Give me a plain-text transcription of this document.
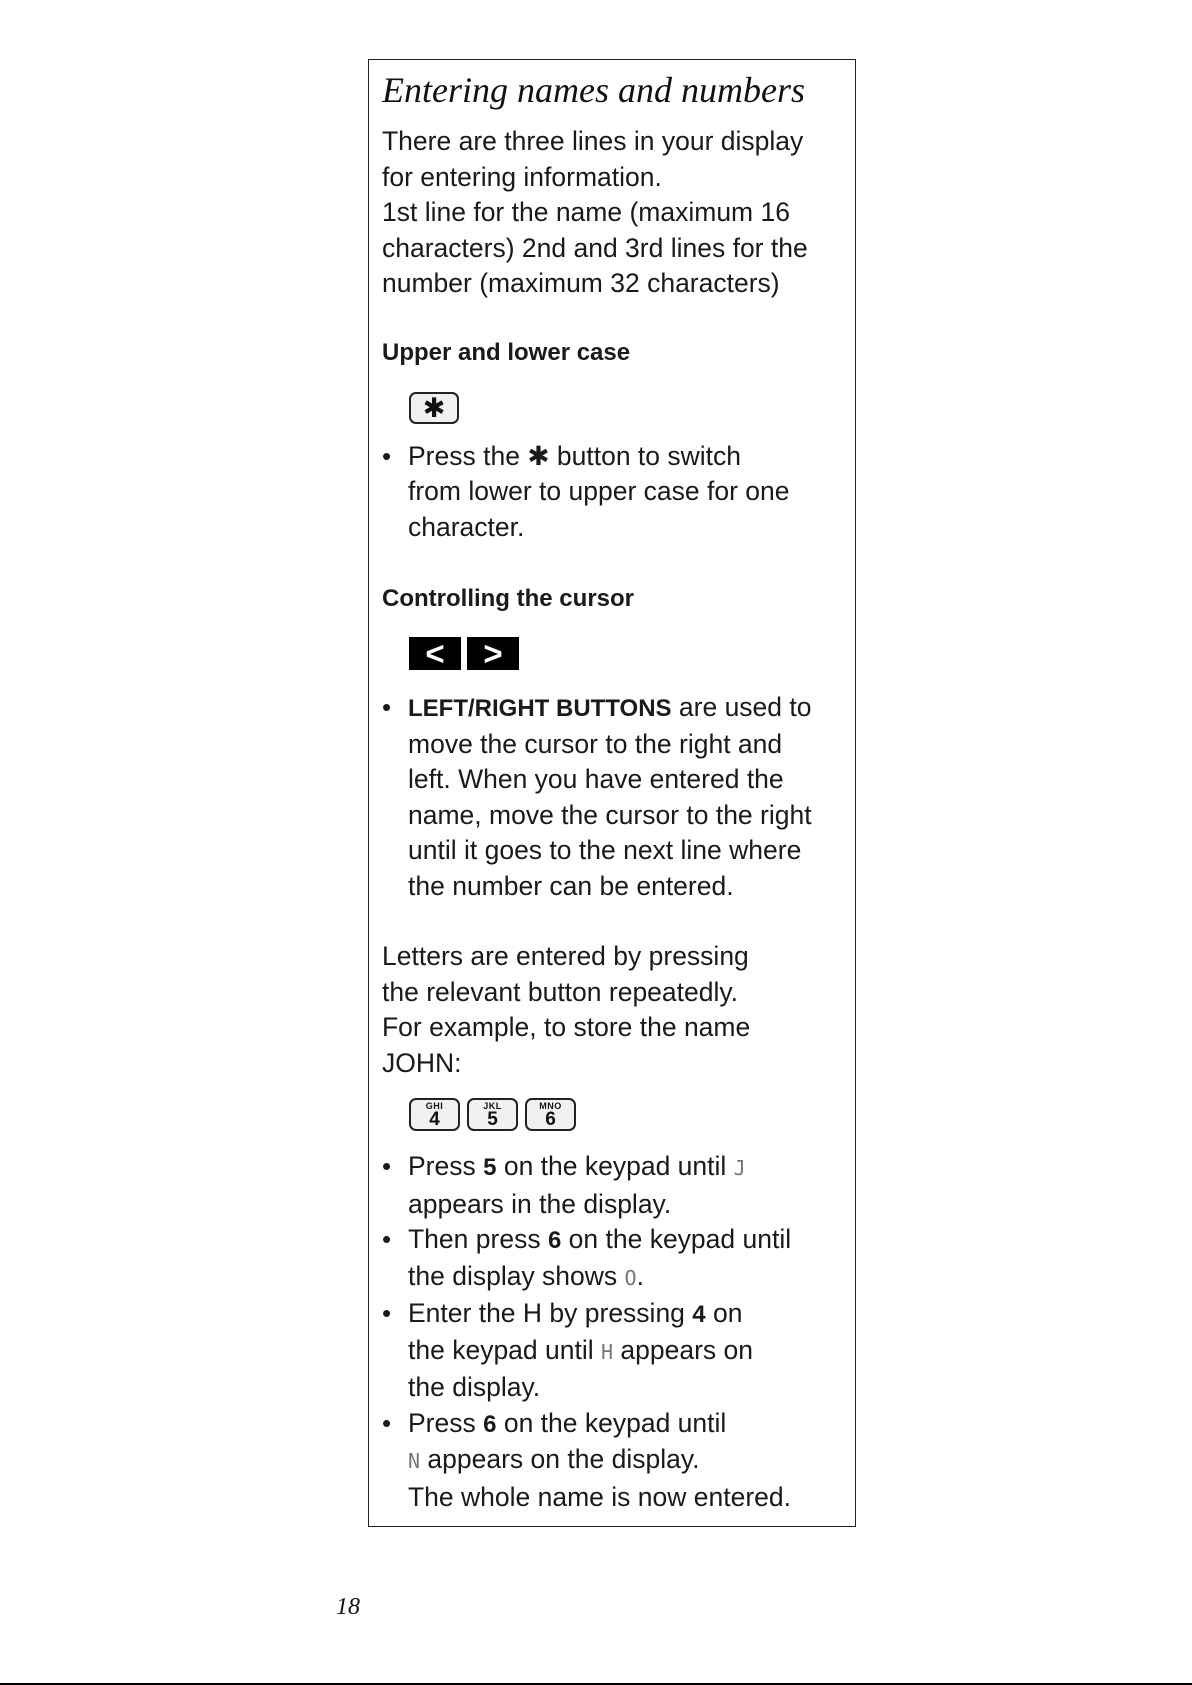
Entering names and numbers

There are three lines in your display
for entering information.
1st line for the name (maximum 16
characters) 2nd and 3rd lines for the
number (maximum 32 characters)

Upper and lower case
✱
• Press the ✱ button to switch
from lower to upper case for one
character.
Controlling the cursor
<	>
• LEFT/RIGHT BUTTONS are used to
move the cursor to the right and
left. When you have entered the
name, move the cursor to the right
until it goes to the next line where
the number can be entered.

Letters are entered by pressing
the relevant button repeatedly.
For example, to store the name
JOHN:

GHI
4
JKL
5
MNO
6
• Press 5 on the keypad until J
appears in the display.
• Then press 6 on the keypad until
the display shows O.
• Enter the H by pressing 4 on
the keypad until H appears on
the display.
• Press 6 on the keypad until
N appears on the display.
The whole name is now entered.
18
